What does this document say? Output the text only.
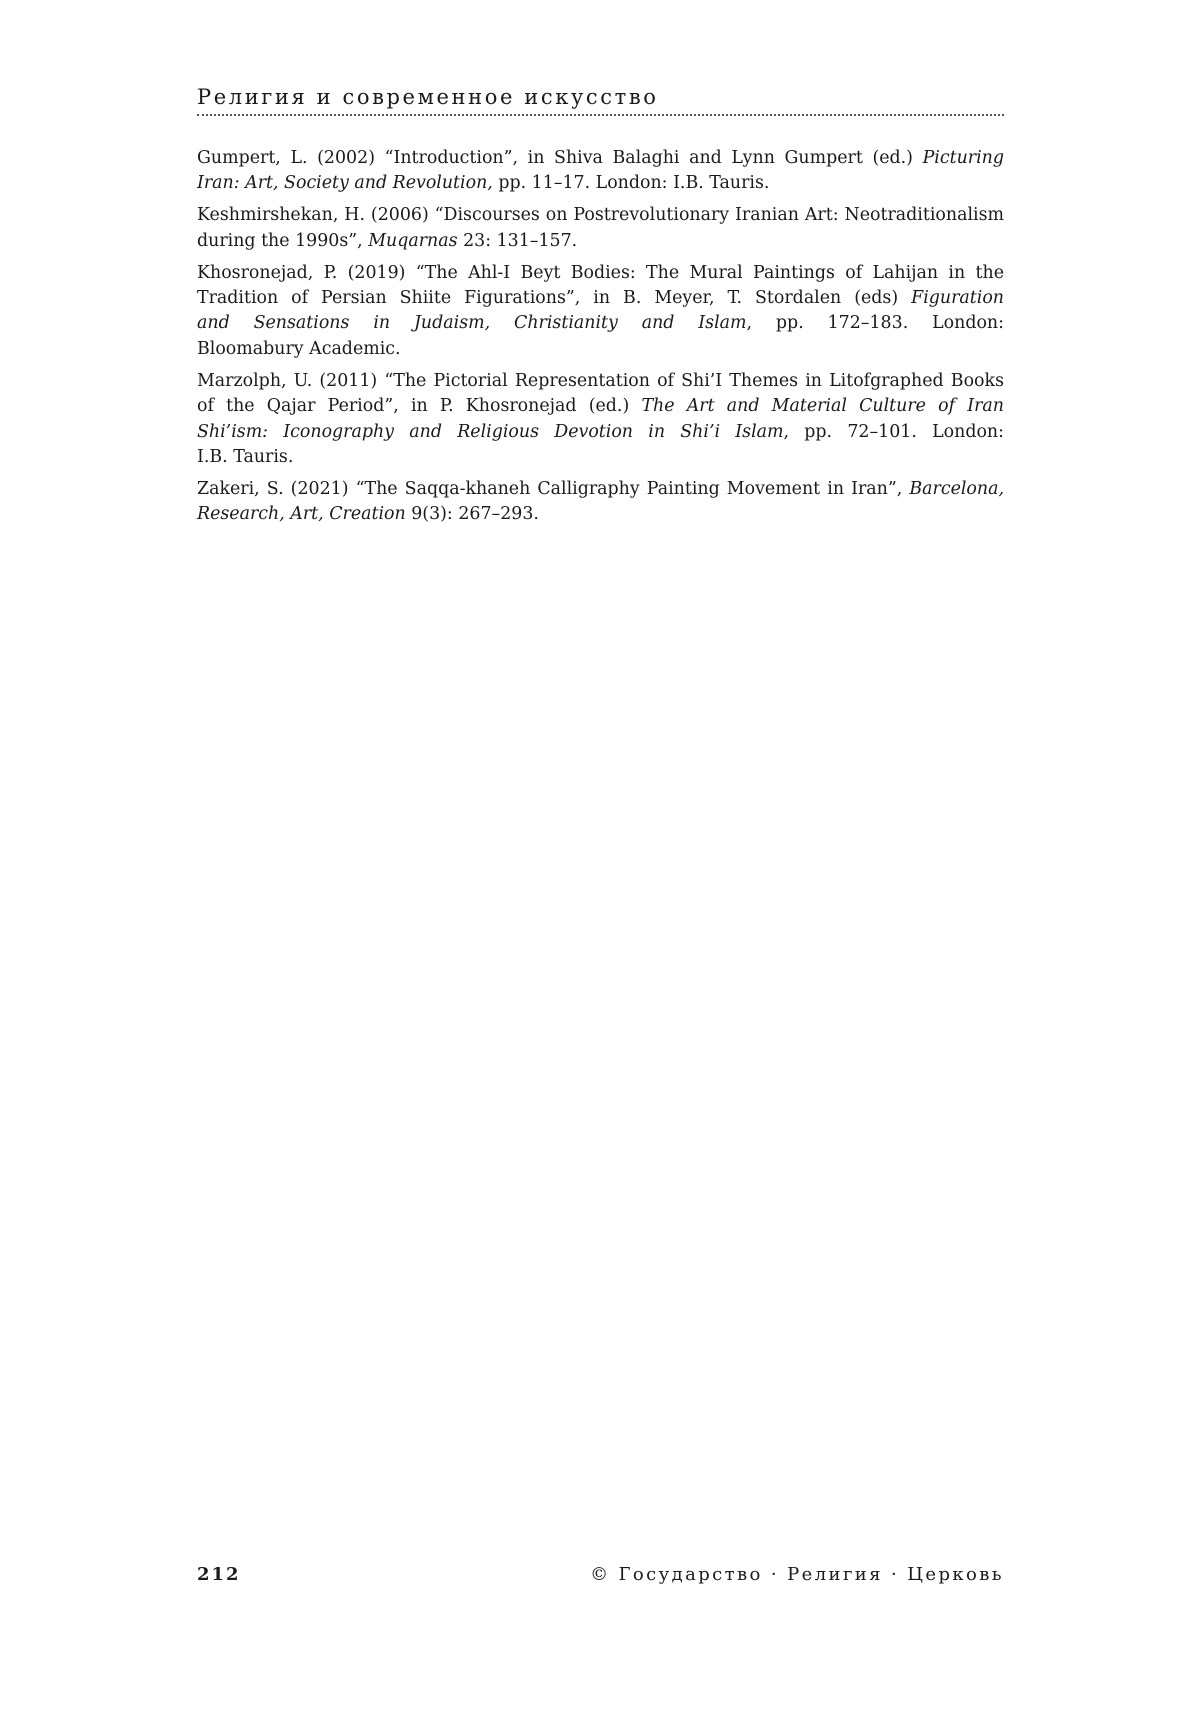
Религия и современное искусство
Gumpert, L. (2002) “Introduction”, in Shiva Balaghi and Lynn Gumpert (ed.) Picturing
Iran: Art, Society and Revolution, pp. 11–17. London: I.B. Tauris.
Keshmirshekan, H. (2006) “Discourses on Postrevolutionary Iranian Art: Neotraditionalism
during the 1990s”, Muqarnas 23: 131–157.
Khosronejad, P. (2019) “The Ahl-I Beyt Bodies: The Mural Paintings of Lahijan in the
Tradition of Persian Shiite Figurations”, in B. Meyer, T. Stordalen (eds) Figuration
and Sensations in Judaism, Christianity and Islam, pp. 172–183. London:
Bloomabury Academic.
Marzolph, U. (2011) “The Pictorial Representation of Shi’I Themes in Litofgraphed Books
of the Qajar Period”, in P. Khosronejad (ed.) The Art and Material Culture of Iran
Shi’ism: Iconography and Religious Devotion in Shi’i Islam, pp. 72–101. London:
I.B. Tauris.
Zakeri, S. (2021) “The Saqqa-khaneh Calligraphy Painting Movement in Iran”, Barcelona,
Research, Art, Creation 9(3): 267–293.
212	© Государство · Религия · Церковь
